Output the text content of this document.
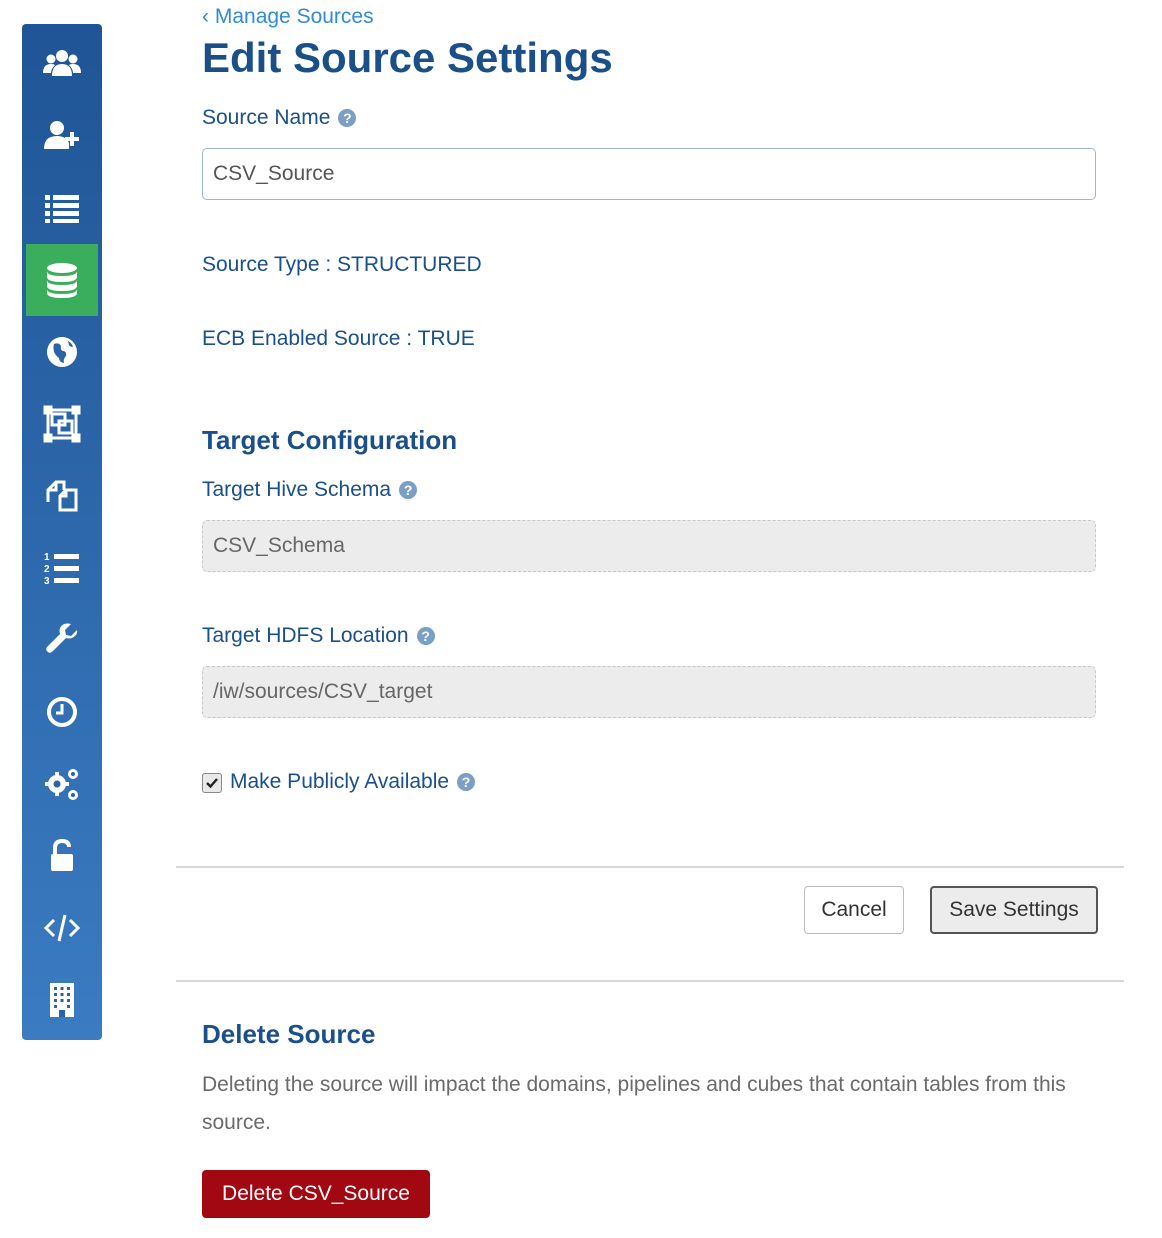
1
2
3
‹ Manage Sources
Edit Source Settings
Source Name ?
CSV_Source
Source Type : STRUCTURED
ECB Enabled Source : TRUE
Target Configuration
Target Hive Schema ?
CSV_Schema
Target HDFS Location ?
/iw/sources/CSV_target
Make Publicly Available ?
Cancel	Save Settings
Delete Source

Deleting the source will impact the domains, pipelines and cubes that contain tables from this source.

Delete CSV_Source
